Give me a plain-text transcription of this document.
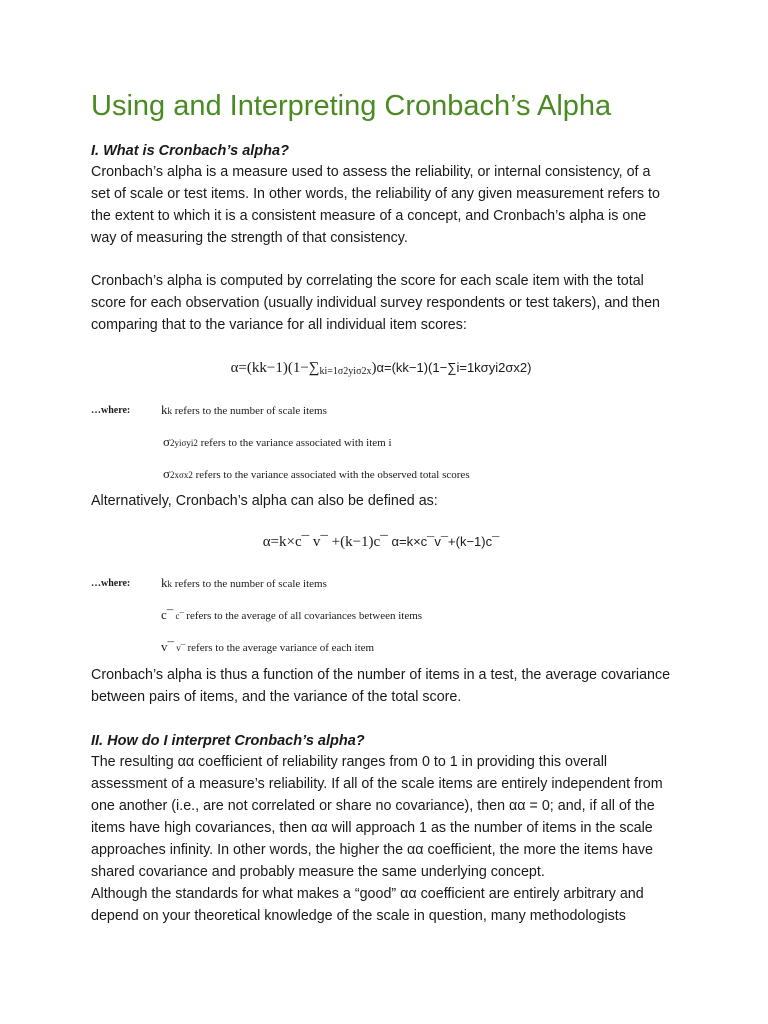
Using and Interpreting Cronbach’s Alpha
I. What is Cronbach’s alpha?
Cronbach’s alpha is a measure used to assess the reliability, or internal consistency, of a
set of scale or test items. In other words, the reliability of any given measurement refers to
the extent to which it is a consistent measure of a concept, and Cronbach’s alpha is one
way of measuring the strength of that consistency.
Cronbach’s alpha is computed by correlating the score for each scale item with the total
score for each observation (usually individual survey respondents or test takers), and then
comparing that to the variance for all individual item scores:
$\alpha=(kk-1)(1-\sum_{ki=1\sigma 2yi\sigma 2x})\alpha=(kk-1)(1-\sum i=1k\sigma yi2\sigma x2)$
…where: kk refers to the number of scale items
σ2yiσyi2 refers to the variance associated with item i
σ2xσx2 refers to the variance associated with the observed total scores
Alternatively, Cronbach’s alpha can also be defined as:
α=k×c¯ v¯ +(k−1)c¯ α=k×c¯v¯+(k−1)c¯
…where: kk refers to the number of scale items
c¯ c¯ refers to the average of all covariances between items
v¯ v¯ refers to the average variance of each item
Cronbach’s alpha is thus a function of the number of items in a test, the average covariance
between pairs of items, and the variance of the total score.
II. How do I interpret Cronbach’s alpha?
The resulting αα coefficient of reliability ranges from 0 to 1 in providing this overall
assessment of a measure’s reliability. If all of the scale items are entirely independent from
one another (i.e., are not correlated or share no covariance), then αα = 0; and, if all of the
items have high covariances, then αα will approach 1 as the number of items in the scale
approaches infinity. In other words, the higher the αα coefficient, the more the items have
shared covariance and probably measure the same underlying concept.
Although the standards for what makes a “good” αα coefficient are entirely arbitrary and
depend on your theoretical knowledge of the scale in question, many methodologists
